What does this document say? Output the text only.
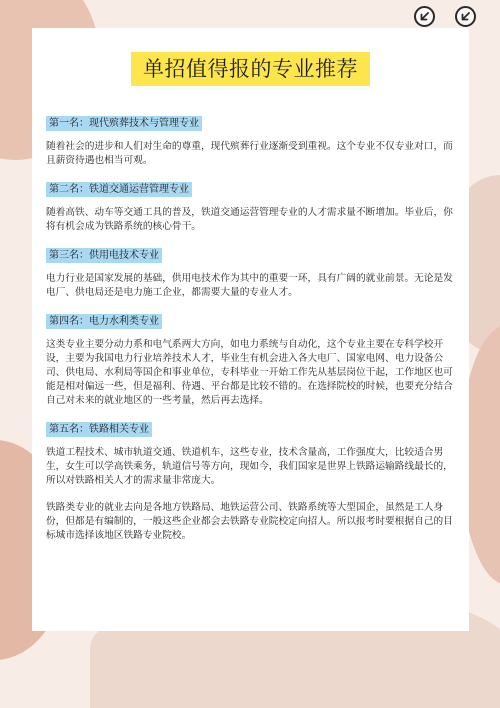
单招值得报的专业推荐
第一名：现代殡葬技术与管理专业

随着社会的进步和人们对生命的尊重，现代殡葬行业逐渐受到重视。这个专业不仅专业对口，而且薪资待遇也相当可观。

第二名：铁道交通运营管理专业

随着高铁、动车等交通工具的普及，铁道交通运营管理专业的人才需求量不断增加。毕业后，你将有机会成为铁路系统的核心骨干。

第三名：供用电技术专业

电力行业是国家发展的基础，供用电技术作为其中的重要一环，具有广阔的就业前景。无论是发电厂、供电局还是电力施工企业，都需要大量的专业人才。

第四名：电力水利类专业

这类专业主要分动力系和电气系两大方向，如电力系统与自动化，这个专业主要在专科学校开设，主要为我国电力行业培养技术人才，毕业生有机会进入各大电厂、国家电网、电力设备公司、供电局、水利局等国企和事业单位，专科毕业一开始工作先从基层岗位干起，工作地区也可能是相对偏远一些，但是福利、待遇、平台都是比较不错的。在选择院校的时候，也要充分结合自己对未来的就业地区的一些考量，然后再去选择。

第五名：铁路相关专业

铁道工程技术、城市轨道交通、铁道机车，这些专业，技术含量高，工作强度大，比较适合男生，女生可以学高铁乘务，轨道信号等方向，现如今，我们国家是世界上铁路运输路线最长的，所以对铁路相关人才的需求量非常庞大。

铁路类专业的就业去向是各地方铁路局、地铁运营公司、铁路系统等大型国企，虽然是工人身份，但都是有编制的，一般这些企业都会去铁路专业院校定向招人。所以报考时要根据自己的目标城市选择该地区铁路专业院校。
